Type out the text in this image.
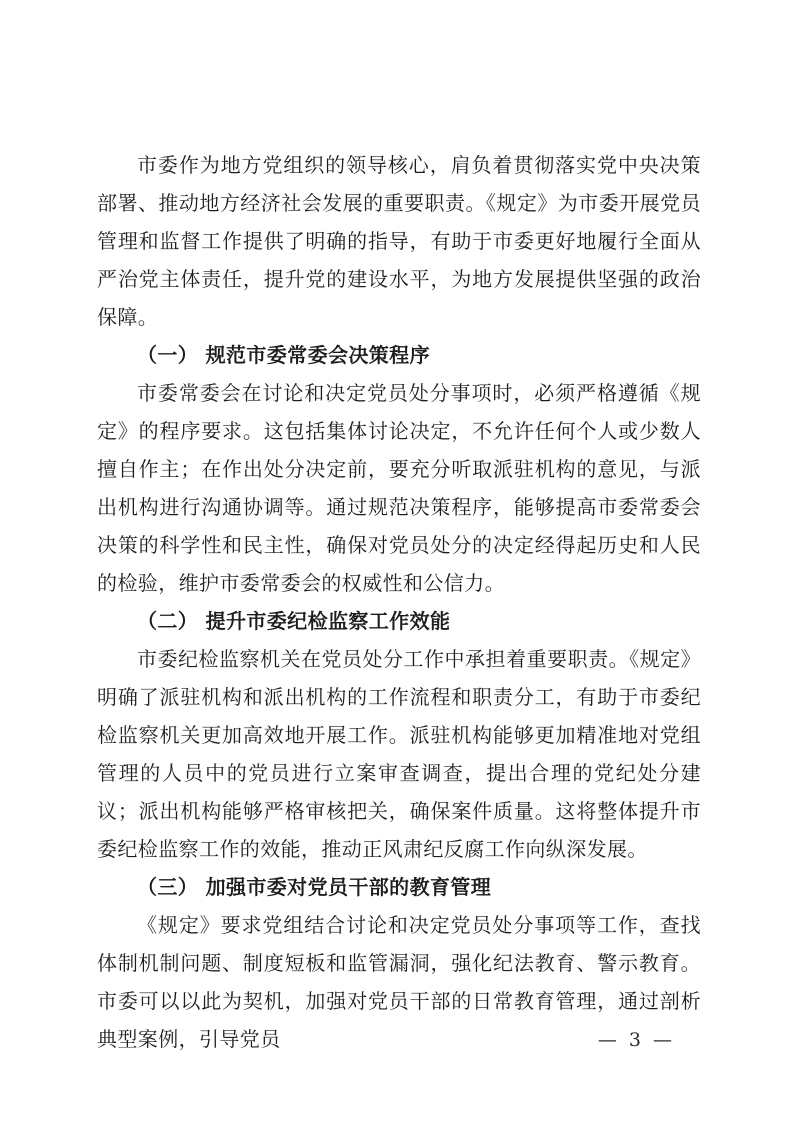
市委作为地方党组织的领导核心，肩负着贯彻落实党中央决策部署、推动地方经济社会发展的重要职责。《规定》为市委开展党员管理和监督工作提供了明确的指导，有助于市委更好地履行全面从严治党主体责任，提升党的建设水平，为地方发展提供坚强的政治保障。

（一） 规范市委常委会决策程序

市委常委会在讨论和决定党员处分事项时，必须严格遵循《规定》的程序要求。这包括集体讨论决定，不允许任何个人或少数人擅自作主；在作出处分决定前，要充分听取派驻机构的意见，与派出机构进行沟通协调等。通过规范决策程序，能够提高市委常委会决策的科学性和民主性，确保对党员处分的决定经得起历史和人民的检验，维护市委常委会的权威性和公信力。

（二） 提升市委纪检监察工作效能

市委纪检监察机关在党员处分工作中承担着重要职责。《规定》明确了派驻机构和派出机构的工作流程和职责分工，有助于市委纪检监察机关更加高效地开展工作。派驻机构能够更加精准地对党组管理的人员中的党员进行立案审查调查，提出合理的党纪处分建议；派出机构能够严格审核把关，确保案件质量。这将整体提升市委纪检监察工作的效能，推动正风肃纪反腐工作向纵深发展。

（三） 加强市委对党员干部的教育管理

《规定》要求党组结合讨论和决定党员处分事项等工作，查找体制机制问题、制度短板和监管漏洞，强化纪法教育、警示教育。市委可以以此为契机，加强对党员干部的日常教育管理，通过剖析典型案例，引导党员	— 3 —
